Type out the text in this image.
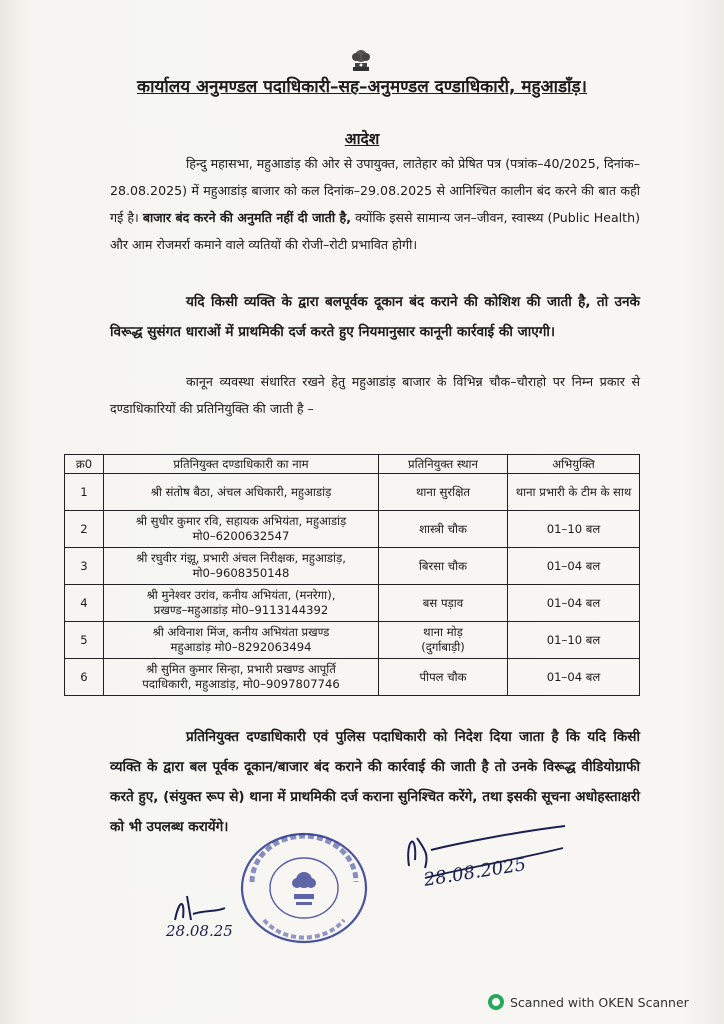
कार्यालय अनुमण्डल पदाधिकारी–सह–अनुमण्डल दण्डाधिकारी, महुआडाँड़।
आदेश
हिन्दु महासभा, महुआडांड़ की ओर से उपायुक्त, लातेहार को प्रेषित पत्र (पत्रांक–40/2025, दिनांक–28.08.2025) में महुआडांड़ बाजार को कल दिनांक–29.08.2025 से आनिश्चित कालीन बंद करने की बात कही गई है। बाजार बंद करने की अनुमति नहीं दी जाती है, क्योंकि इससे सामान्य जन–जीवन, स्वास्थ्य (Public Health) और आम रोजमर्रा कमाने वाले व्यतियों की रोजी–रोटी प्रभावित होगी।
यदि किसी व्यक्ति के द्वारा बलपूर्वक दूकान बंद कराने की कोशिश की जाती है, तो उनके विरूद्ध सुसंगत धाराओं में प्राथमिकी दर्ज करते हुए नियमानुसार कानूनी कार्रवाई की जाएगी।
कानून व्यवस्था संधारित रखने हेतु महुआडांड़ बाजार के विभिन्न चौक–चौराहो पर निम्न प्रकार से दण्डाधिकारियों की प्रतिनियुक्ति की जाती है –
क्र0	प्रतिनियुक्त दण्डाधिकारी का नाम	प्रतिनियुक्त स्थान	अभियुक्ति
1	श्री संतोष बैठा, अंचल अधिकारी, महुआडांड़	थाना सुरक्षित	थाना प्रभारी के टीम के साथ
2	श्री सुधीर कुमार रवि, सहायक अभियंता, महुआडांड़
मो0–6200632547	शास्त्री चौक	01–10 बल
3	श्री रघुवीर गंझू, प्रभारी अंचल निरीक्षक, महुआडांड़,
मो0–9608350148	बिरसा चौक	01–04 बल
4	श्री मुनेश्वर उरांव, कनीय अभियंता, (मनरेगा),
प्रखण्ड–महुआडांड़ मो0–9113144392	बस पड़ाव	01–04 बल
5	श्री अविनाश मिंज, कनीय अभियंता प्रखण्ड
महुआडांड़ मो0–8292063494	थाना मोड़
(दुर्गाबाड़ी)	01–10 बल
6	श्री सुमित कुमार सिन्हा, प्रभारी प्रखण्ड आपूर्ति
पदाधिकारी, महुआडांड़, मो0–9097807746	पीपल चौक	01–04 बल
प्रतिनियुक्त दण्डाधिकारी एवं पुलिस पदाधिकारी को निदेश दिया जाता है कि यदि किसी व्यक्ति के द्वारा बल पूर्वक दूकान/बाजार बंद कराने की कार्रवाई की जाती है तो उनके विरूद्ध वीडियोग्राफी करते हुए, (संयुक्त रूप से) थाना में प्राथमिकी दर्ज कराना सुनिश्चित करेंगे, तथा इसकी सूचना अधोहस्ताक्षरी को भी उपलब्ध करायेंगे।
28.08.25
28.08.2025
Scanned with OKEN Scanner
